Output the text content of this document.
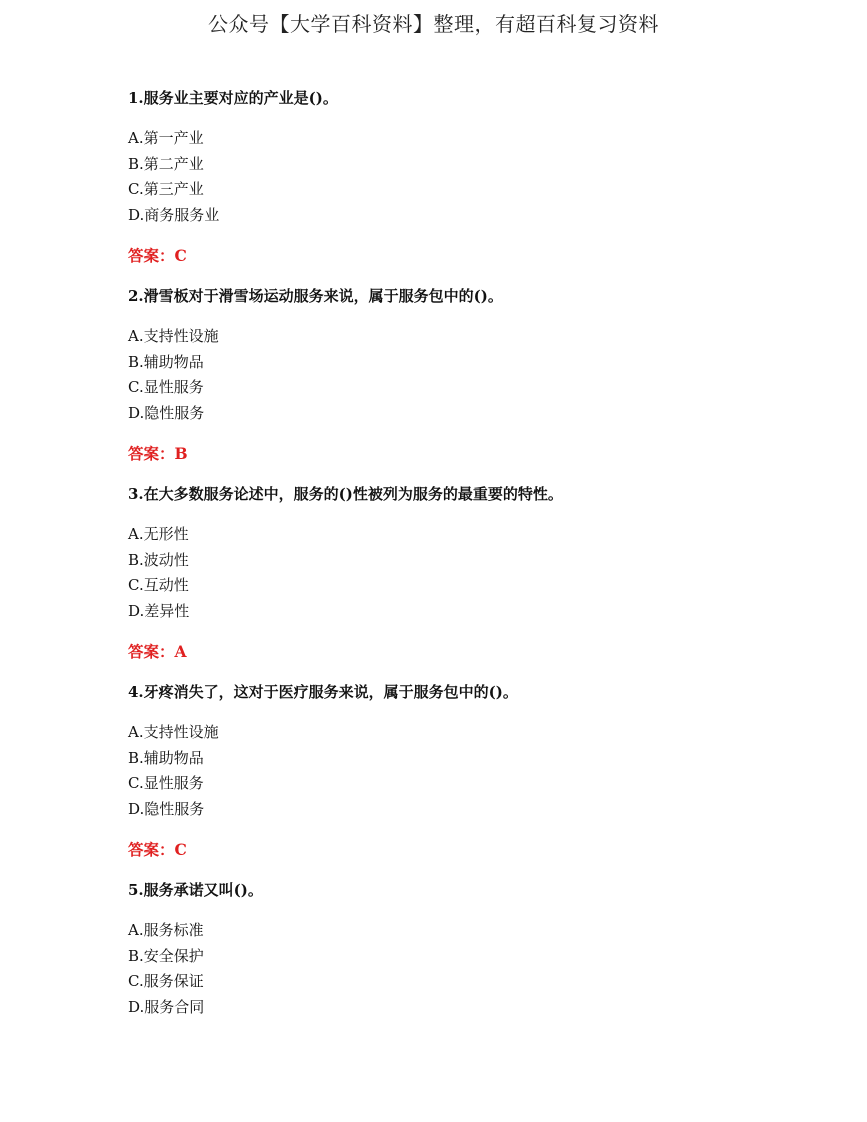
公众号【大学百科资料】整理，有超百科复习资料

1.服务业主要对应的产业是()。

A.第一产业

B.第二产业

C.第三产业

D.商务服务业

答案：C

2.滑雪板对于滑雪场运动服务来说，属于服务包中的()。

A.支持性设施

B.辅助物品

C.显性服务

D.隐性服务

答案：B

3.在大多数服务论述中，服务的()性被列为服务的最重要的特性。

A.无形性

B.波动性

C.互动性

D.差异性

答案：A

4.牙疼消失了，这对于医疗服务来说，属于服务包中的()。

A.支持性设施

B.辅助物品

C.显性服务

D.隐性服务

答案：C

5.服务承诺又叫()。

A.服务标准

B.安全保护

C.服务保证

D.服务合同
